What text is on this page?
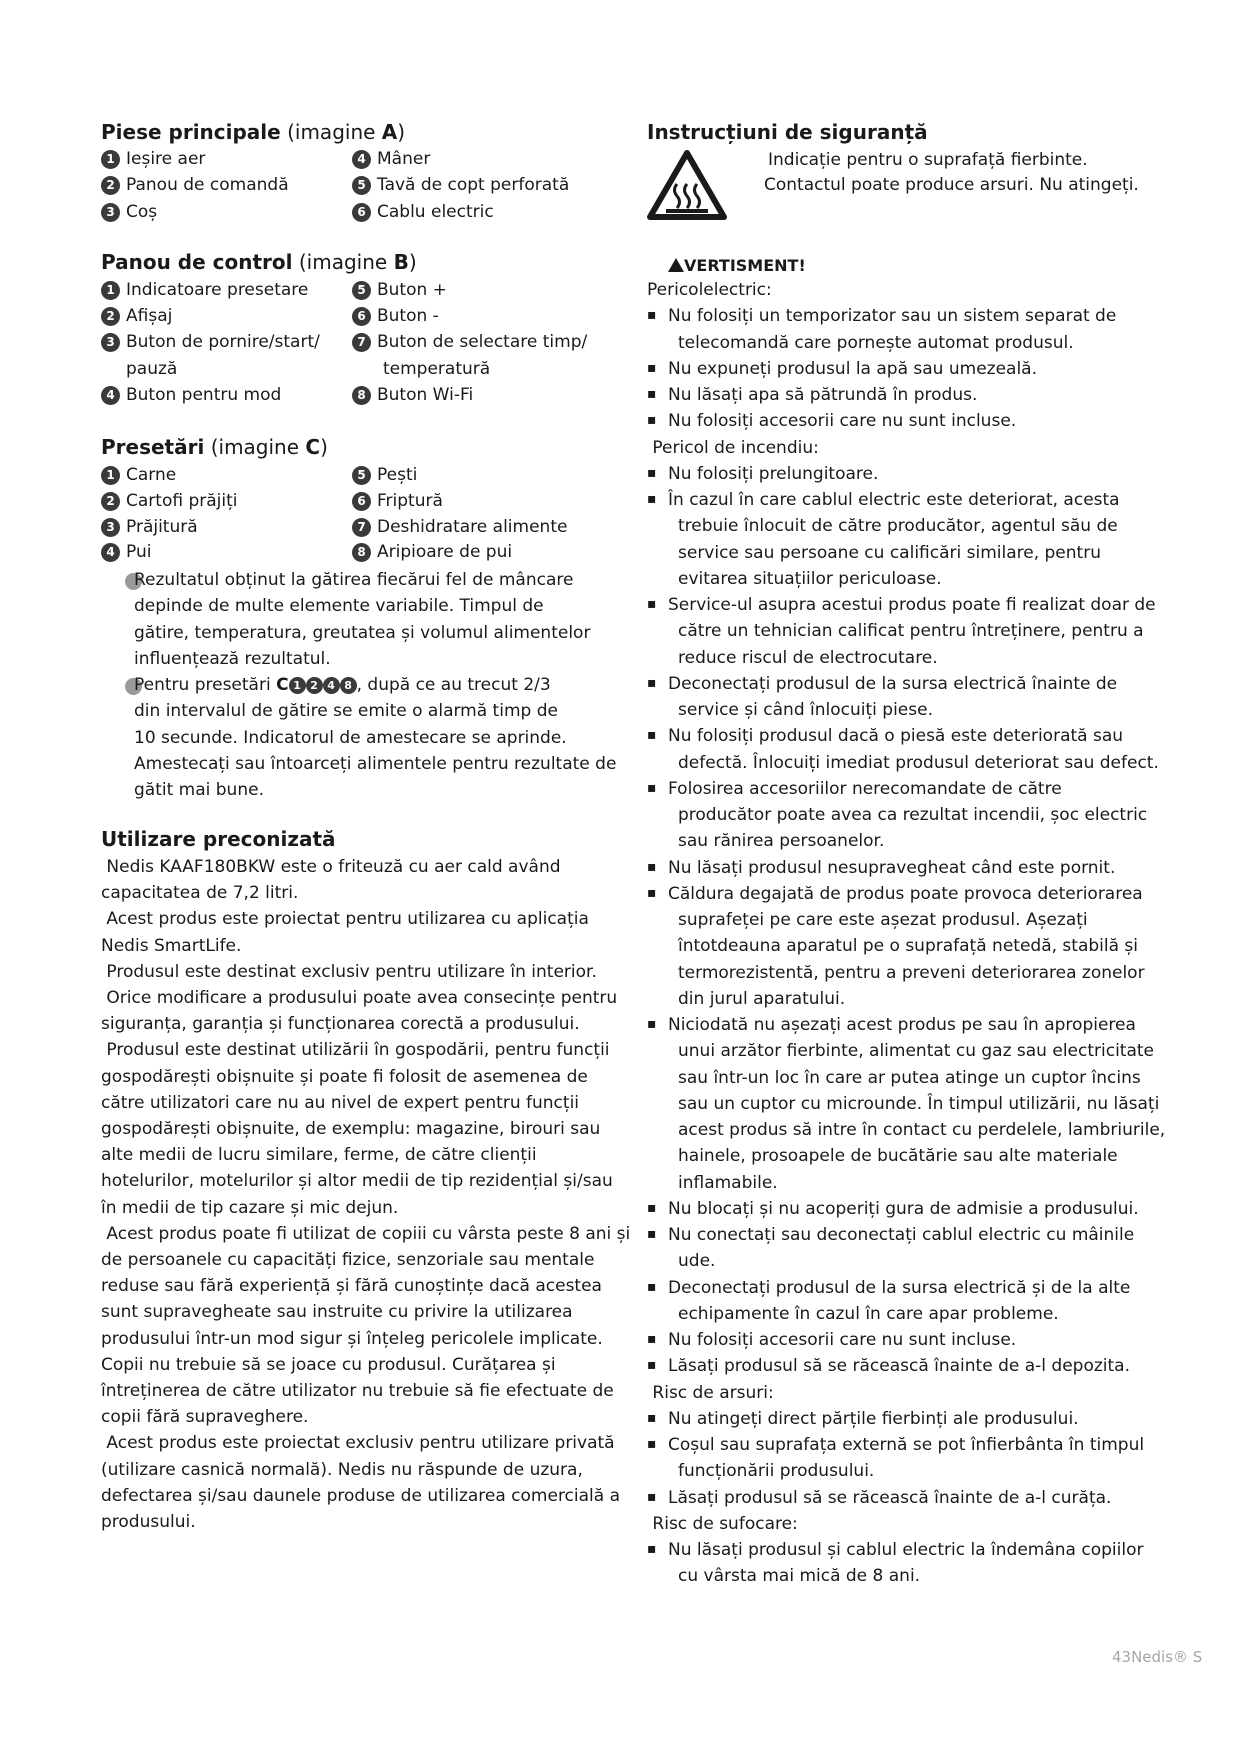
Piese principale (imagine A)
1 Ieșire aer
2 Panou de comandă
3 Coș
4 Mâner
5 Tavă de copt perforată
6 Cablu electric
Panou de control (imagine B)
1 Indicatoare presetare
2 Afișaj
3 Buton de pornire/start/
pauză
4 Buton pentru mod
5 Buton +
6 Buton -
7 Buton de selectare timp/
temperatură
8 Buton Wi-Fi
Presetări (imagine C)
1 Carne
2 Cartofi prăjiți
3 Prăjitură
4 Pui
5 Pești
6 Friptură
7 Deshidratare alimente
8 Aripioare de pui
Rezultatul obținut la gătirea fiecărui fel de mâncare
depinde de multe elemente variabile. Timpul de
gătire, temperatura, greutatea și volumul alimentelor
influențează rezultatul.
Pentru presetări C 1 2 4 8 , după ce au trecut 2/3
din intervalul de gătire se emite o alarmă timp de
10 secunde. Indicatorul de amestecare se aprinde.
Amestecați sau întoarceți alimentele pentru rezultate de
gătit mai bune.
Utilizare preconizată
Nedis KAAF180BKW este o friteuză cu aer cald având
capacitatea de 7,2 litri.
Acest produs este proiectat pentru utilizarea cu aplicația
Nedis SmartLife.
Produsul este destinat exclusiv pentru utilizare în interior.
Orice modificare a produsului poate avea consecințe pentru
siguranța, garanția și funcționarea corectă a produsului.
Produsul este destinat utilizării în gospodării, pentru funcții
gospodărești obișnuite și poate fi folosit de asemenea de
către utilizatori care nu au nivel de expert pentru funcții
gospodărești obișnuite, de exemplu: magazine, birouri sau
alte medii de lucru similare, ferme, de către clienții
hotelurilor, motelurilor și altor medii de tip rezidențial și/sau
în medii de tip cazare și mic dejun.
Acest produs poate fi utilizat de copiii cu vârsta peste 8 ani și
de persoanele cu capacități fizice, senzoriale sau mentale
reduse sau fără experiență și fără cunoștințe dacă acestea
sunt supravegheate sau instruite cu privire la utilizarea
produsului într-un mod sigur și înțeleg pericolele implicate.
Copii nu trebuie să se joace cu produsul. Curățarea și
întreținerea de către utilizator nu trebuie să fie efectuate de
copii fără supraveghere.
Acest produs este proiectat exclusiv pentru utilizare privată
(utilizare casnică normală). Nedis nu răspunde de uzura,
defectarea și/sau daunele produse de utilizarea comercială a
produsului.
Instrucțiuni de siguranță
Indicație pentru o suprafață fierbinte.
Contactul poate produce arsuri. Nu atingeți.
VERTISMENT!
Pericolelectric:
▪ Nu folosiți un temporizator sau un sistem separat de
telecomandă care pornește automat produsul.
▪ Nu expuneți produsul la apă sau umezeală.
▪ Nu lăsați apa să pătrundă în produs.
▪ Nu folosiți accesorii care nu sunt incluse.
Pericol de incendiu:
▪ Nu folosiți prelungitoare.
▪ În cazul în care cablul electric este deteriorat, acesta
trebuie înlocuit de către producător, agentul său de
service sau persoane cu calificări similare, pentru
evitarea situațiilor periculoase.
▪ Service-ul asupra acestui produs poate fi realizat doar de
către un tehnician calificat pentru întreținere, pentru a
reduce riscul de electrocutare.
▪ Deconectați produsul de la sursa electrică înainte de
service și când înlocuiți piese.
▪ Nu folosiți produsul dacă o piesă este deteriorată sau
defectă. Înlocuiți imediat produsul deteriorat sau defect.
▪ Folosirea accesoriilor nerecomandate de către
producător poate avea ca rezultat incendii, șoc electric
sau rănirea persoanelor.
▪ Nu lăsați produsul nesupravegheat când este pornit.
▪ Căldura degajată de produs poate provoca deteriorarea
suprafeței pe care este așezat produsul. Așezați
întotdeauna aparatul pe o suprafață netedă, stabilă și
termorezistentă, pentru a preveni deteriorarea zonelor
din jurul aparatului.
▪ Niciodată nu așezați acest produs pe sau în apropierea
unui arzător fierbinte, alimentat cu gaz sau electricitate
sau într-un loc în care ar putea atinge un cuptor încins
sau un cuptor cu microunde. În timpul utilizării, nu lăsați
acest produs să intre în contact cu perdelele, lambriurile,
hainele, prosoapele de bucătărie sau alte materiale
inflamabile.
▪ Nu blocați și nu acoperiți gura de admisie a produsului.
▪ Nu conectați sau deconectați cablul electric cu mâinile
ude.
▪ Deconectați produsul de la sursa electrică și de la alte
echipamente în cazul în care apar probleme.
▪ Nu folosiți accesorii care nu sunt incluse.
▪ Lăsați produsul să se răcească înainte de a-l depozita.
Risc de arsuri:
▪ Nu atingeți direct părțile fierbinți ale produsului.
▪ Coșul sau suprafața externă se pot înfierbânta în timpul
funcționării produsului.
▪ Lăsați produsul să se răcească înainte de a-l curăța.
Risc de sufocare:
▪ Nu lăsați produsul și cablul electric la îndemâna copiilor
cu vârsta mai mică de 8 ani.
43Nedis® S
